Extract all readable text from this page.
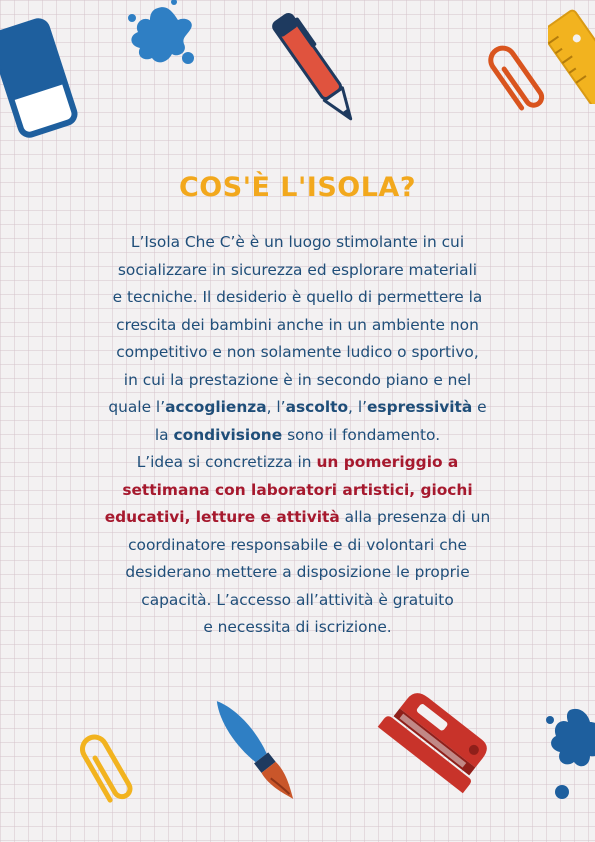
COS'È L'ISOLA?

L’Isola Che C’è è un luogo stimolante in cui
socializzare in sicurezza ed esplorare materiali
e tecniche. Il desiderio è quello di permettere la
crescita dei bambini anche in un ambiente non
competitivo e non solamente ludico o sportivo,
in cui la prestazione è in secondo piano e nel
quale l’accoglienza, l’ascolto, l’espressività e
la condivisione sono il fondamento.
L’idea si concretizza in un pomeriggio a
settimana con laboratori artistici, giochi
educativi, letture e attività alla presenza di un
coordinatore responsabile e di volontari che
desiderano mettere a disposizione le proprie
capacità. L’accesso all’attività è gratuito
e necessita di iscrizione.
